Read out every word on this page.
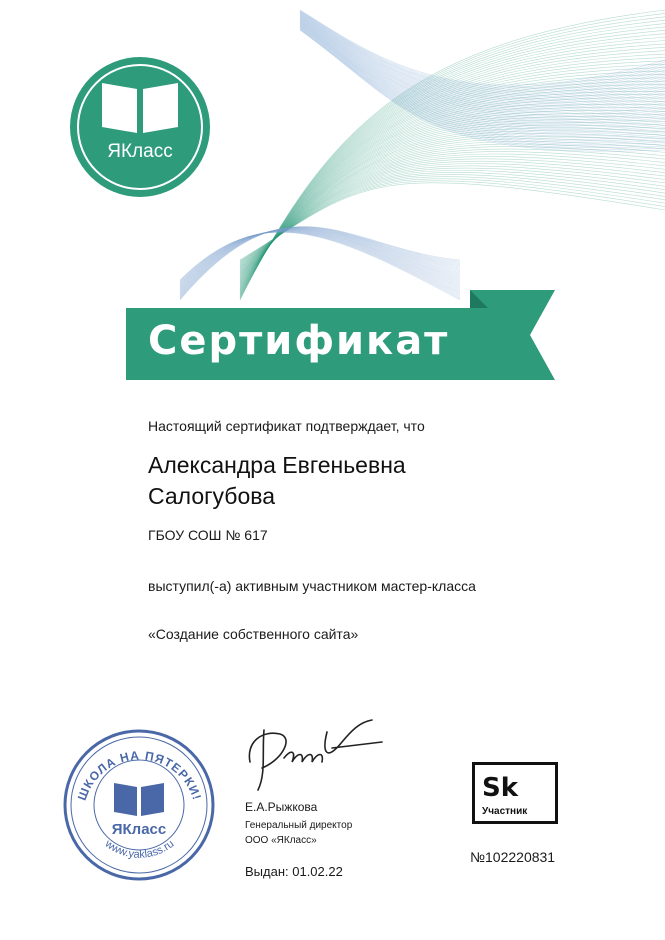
ЯКласс
Сертификат
Настоящий сертификат подтверждает, что
Александра Евгеньевна
Салогубова
ГБОУ СОШ № 617
выступил(-а) активным участником мастер-класса
«Создание собственного сайта»
ШКОЛА НА ПЯТЕРКИ!
www.yaklass.ru
ЯКласс
Е.А.Рыжкова
Генеральный директор
ООО «ЯКласс»
Выдан: 01.02.22
Sk
Участник
№102220831
